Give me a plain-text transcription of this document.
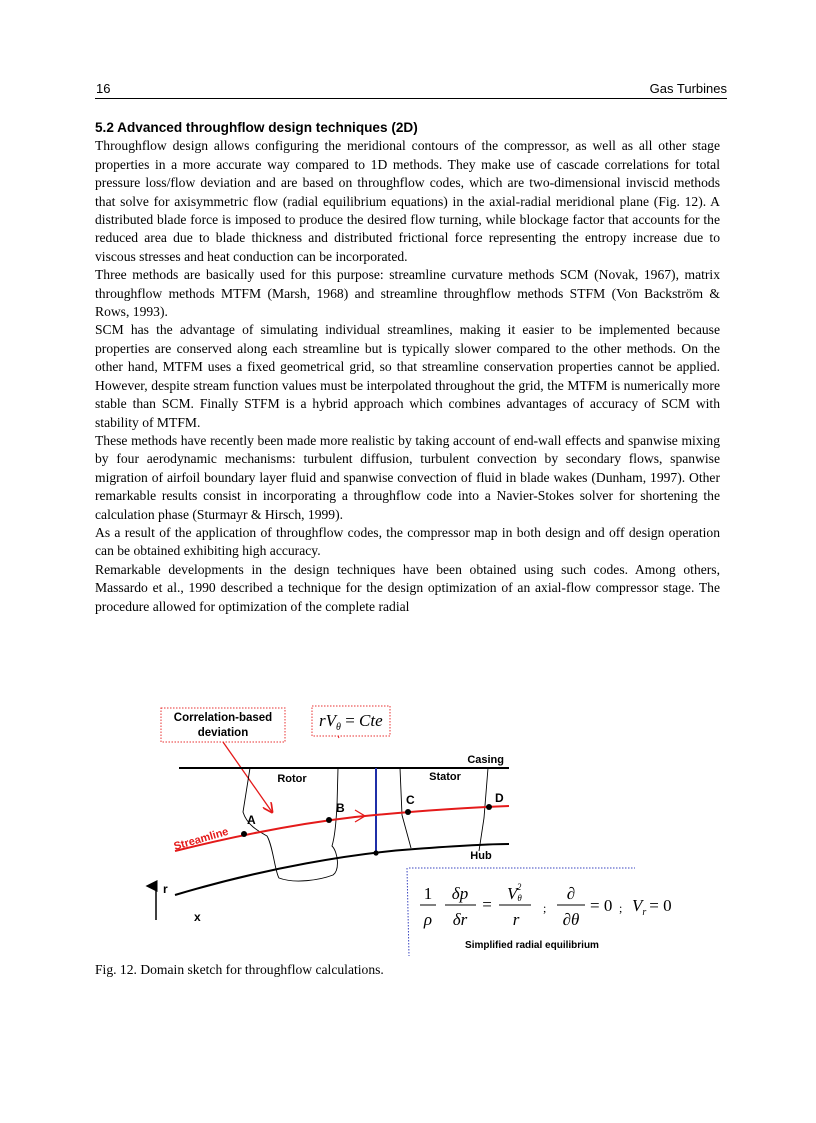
16	Gas Turbines
5.2 Advanced throughflow design techniques (2D)

Throughflow design allows configuring the meridional contours of the compressor, as well as all other stage properties in a more accurate way compared to 1D methods. They make use of cascade correlations for total pressure loss/flow deviation and are based on throughflow codes, which are two-dimensional inviscid methods that solve for axisymmetric flow (radial equilibrium equations) in the axial-radial meridional plane (Fig. 12). A distributed blade force is imposed to produce the desired flow turning, while blockage factor that accounts for the reduced area due to blade thickness and distributed frictional force representing the entropy increase due to viscous stresses and heat conduction can be incorporated.

Three methods are basically used for this purpose: streamline curvature methods SCM (Novak, 1967), matrix throughflow methods MTFM (Marsh, 1968) and streamline throughflow methods STFM (Von Backström & Rows, 1993).

SCM has the advantage of simulating individual streamlines, making it easier to be implemented because properties are conserved along each streamline but is typically slower compared to the other methods. On the other hand, MTFM uses a fixed geometrical grid, so that streamline conservation properties cannot be applied. However, despite stream function values must be interpolated throughout the grid, the MTFM is numerically more stable than SCM. Finally STFM is a hybrid approach which combines advantages of accuracy of SCM with stability of MTFM.

These methods have recently been made more realistic by taking account of end-wall effects and spanwise mixing by four aerodynamic mechanisms: turbulent diffusion, turbulent convection by secondary flows, spanwise migration of airfoil boundary layer fluid and spanwise convection of fluid in blade wakes (Dunham, 1997). Other remarkable results consist in incorporating a throughflow code into a Navier-Stokes solver for shortening the calculation phase (Sturmayr & Hirsch, 1999).

As a result of the application of throughflow codes, the compressor map in both design and off design operation can be obtained exhibiting high accuracy.

Remarkable developments in the design techniques have been obtained using such codes. Among others, Massardo et al., 1990 described a technique for the design optimization of an axial-flow compressor stage. The procedure allowed for optimization of the complete radial

Correlation-based
deviation
$rV_\theta$ = Cte
Casing
Rotor	Stator
Hub
Streamline
A
B
C	D
r
x
1
ρ
δp
δr
=
Vθ2
r
;
∂
∂θ
= 0 ; $V_r = 0$
Simplified radial equilibrium
Fig. 12. Domain sketch for throughflow calculations.
